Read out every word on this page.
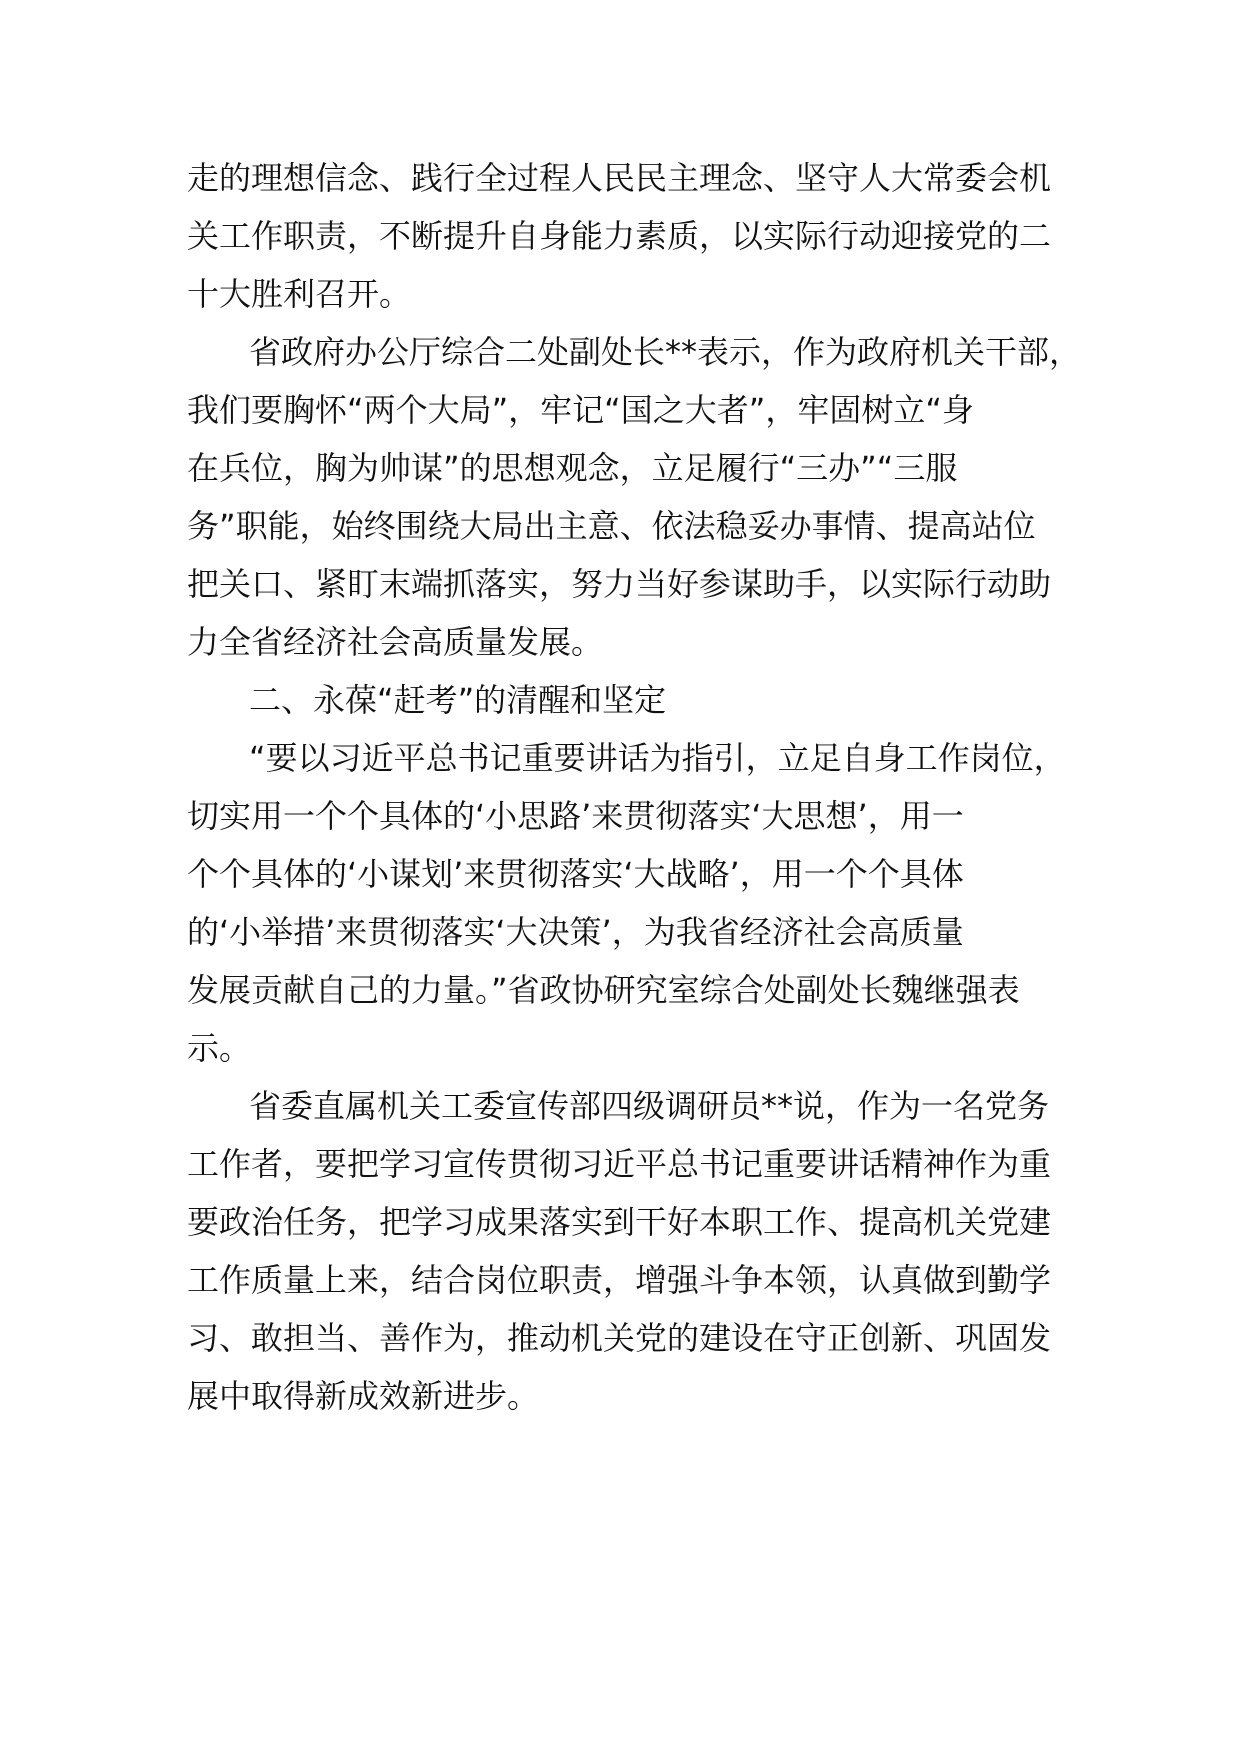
走的理想信念、践行全过程人民民主理念、坚守人大常委会机
关工作职责，不断提升自身能力素质，以实际行动迎接党的二
十大胜利召开。
省政府办公厅综合二处副处长**表示，作为政府机关干部，
我们要胸怀“两个大局”，牢记“国之大者”，牢固树立“身
在兵位，胸为帅谋”的思想观念，立足履行“三办”“三服
务”职能，始终围绕大局出主意、依法稳妥办事情、提高站位
把关口、紧盯末端抓落实，努力当好参谋助手，以实际行动助
力全省经济社会高质量发展。
二、永葆“赶考”的清醒和坚定
“要以习近平总书记重要讲话为指引，立足自身工作岗位，
切实用一个个具体的‘小思路’来贯彻落实‘大思想’，用一
个个具体的‘小谋划’来贯彻落实‘大战略’，用一个个具体
的‘小举措’来贯彻落实‘大决策’，为我省经济社会高质量
发展贡献自己的力量。”省政协研究室综合处副处长魏继强表
示。
省委直属机关工委宣传部四级调研员**说，作为一名党务
工作者，要把学习宣传贯彻习近平总书记重要讲话精神作为重
要政治任务，把学习成果落实到干好本职工作、提高机关党建
工作质量上来，结合岗位职责，增强斗争本领，认真做到勤学
习、敢担当、善作为，推动机关党的建设在守正创新、巩固发
展中取得新成效新进步。
